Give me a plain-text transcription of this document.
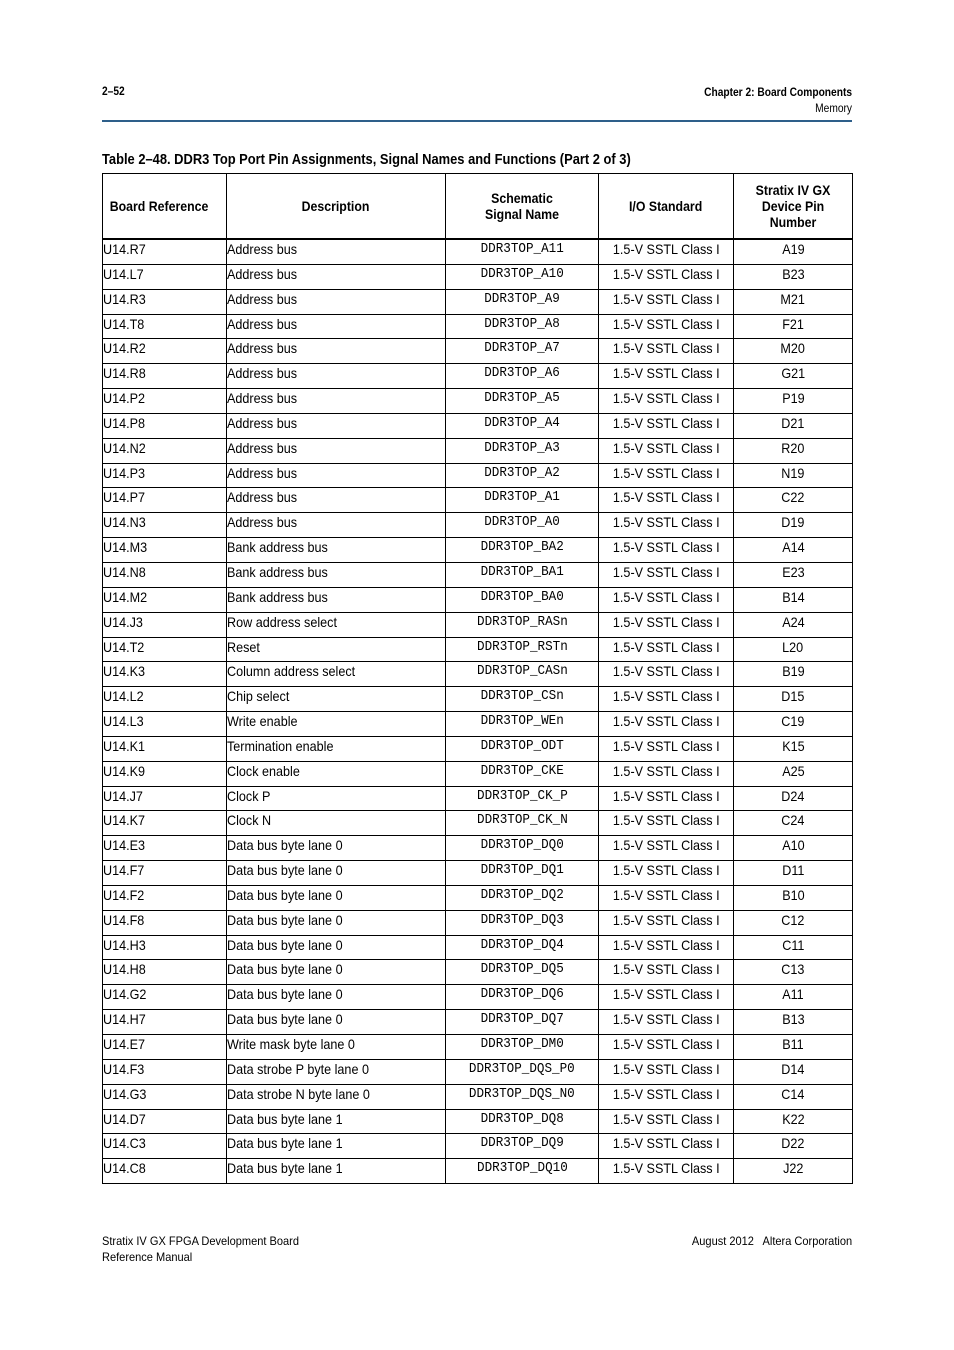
2–52	Chapter 2: Board Components
Memory
Table 2–48. DDR3 Top Port Pin Assignments, Signal Names and Functions (Part 2 of 3)
Board Reference	Description	Schematic Signal Name	I/O Standard	Stratix IV GX Device Pin Number
U14.R7	Address bus	DDR3TOP_A11	1.5-V SSTL Class I	A19
U14.L7	Address bus	DDR3TOP_A10	1.5-V SSTL Class I	B23
U14.R3	Address bus	DDR3TOP_A9	1.5-V SSTL Class I	M21
U14.T8	Address bus	DDR3TOP_A8	1.5-V SSTL Class I	F21
U14.R2	Address bus	DDR3TOP_A7	1.5-V SSTL Class I	M20
U14.R8	Address bus	DDR3TOP_A6	1.5-V SSTL Class I	G21
U14.P2	Address bus	DDR3TOP_A5	1.5-V SSTL Class I	P19
U14.P8	Address bus	DDR3TOP_A4	1.5-V SSTL Class I	D21
U14.N2	Address bus	DDR3TOP_A3	1.5-V SSTL Class I	R20
U14.P3	Address bus	DDR3TOP_A2	1.5-V SSTL Class I	N19
U14.P7	Address bus	DDR3TOP_A1	1.5-V SSTL Class I	C22
U14.N3	Address bus	DDR3TOP_A0	1.5-V SSTL Class I	D19
U14.M3	Bank address bus	DDR3TOP_BA2	1.5-V SSTL Class I	A14
U14.N8	Bank address bus	DDR3TOP_BA1	1.5-V SSTL Class I	E23
U14.M2	Bank address bus	DDR3TOP_BA0	1.5-V SSTL Class I	B14
U14.J3	Row address select	DDR3TOP_RASn	1.5-V SSTL Class I	A24
U14.T2	Reset	DDR3TOP_RSTn	1.5-V SSTL Class I	L20
U14.K3	Column address select	DDR3TOP_CASn	1.5-V SSTL Class I	B19
U14.L2	Chip select	DDR3TOP_CSn	1.5-V SSTL Class I	D15
U14.L3	Write enable	DDR3TOP_WEn	1.5-V SSTL Class I	C19
U14.K1	Termination enable	DDR3TOP_ODT	1.5-V SSTL Class I	K15
U14.K9	Clock enable	DDR3TOP_CKE	1.5-V SSTL Class I	A25
U14.J7	Clock P	DDR3TOP_CK_P	1.5-V SSTL Class I	D24
U14.K7	Clock N	DDR3TOP_CK_N	1.5-V SSTL Class I	C24
U14.E3	Data bus byte lane 0	DDR3TOP_DQ0	1.5-V SSTL Class I	A10
U14.F7	Data bus byte lane 0	DDR3TOP_DQ1	1.5-V SSTL Class I	D11
U14.F2	Data bus byte lane 0	DDR3TOP_DQ2	1.5-V SSTL Class I	B10
U14.F8	Data bus byte lane 0	DDR3TOP_DQ3	1.5-V SSTL Class I	C12
U14.H3	Data bus byte lane 0	DDR3TOP_DQ4	1.5-V SSTL Class I	C11
U14.H8	Data bus byte lane 0	DDR3TOP_DQ5	1.5-V SSTL Class I	C13
U14.G2	Data bus byte lane 0	DDR3TOP_DQ6	1.5-V SSTL Class I	A11
U14.H7	Data bus byte lane 0	DDR3TOP_DQ7	1.5-V SSTL Class I	B13
U14.E7	Write mask byte lane 0	DDR3TOP_DM0	1.5-V SSTL Class I	B11
U14.F3	Data strobe P byte lane 0	DDR3TOP_DQS_P0	1.5-V SSTL Class I	D14
U14.G3	Data strobe N byte lane 0	DDR3TOP_DQS_N0	1.5-V SSTL Class I	C14
U14.D7	Data bus byte lane 1	DDR3TOP_DQ8	1.5-V SSTL Class I	K22
U14.C3	Data bus byte lane 1	DDR3TOP_DQ9	1.5-V SSTL Class I	D22
U14.C8	Data bus byte lane 1	DDR3TOP_DQ10	1.5-V SSTL Class I	J22
Stratix IV GX FPGA Development Board
Reference Manual
August 2012   Altera Corporation
